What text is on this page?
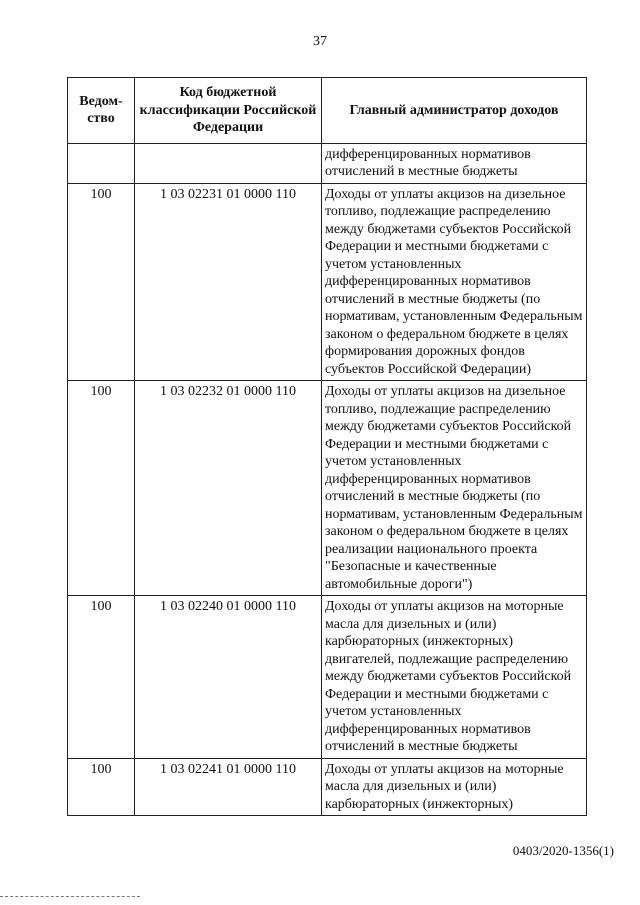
37
Ведом-ство	Код бюджетной классификации Российской Федерации	Главный администратор доходов
		дифференцированных нормативов отчислений в местные бюджеты
100	1 03 02231 01 0000 110	Доходы от уплаты акцизов на дизельное топливо, подлежащие распределению между бюджетами субъектов Российской Федерации и местными бюджетами с учетом установленных дифференцированных нормативов отчислений в местные бюджеты (по нормативам, установленным Федеральным законом о федеральном бюджете в целях формирования дорожных фондов субъектов Российской Федерации)
100	1 03 02232 01 0000 110	Доходы от уплаты акцизов на дизельное топливо, подлежащие распределению между бюджетами субъектов Российской Федерации и местными бюджетами с учетом установленных дифференцированных нормативов отчислений в местные бюджеты (по нормативам, установленным Федеральным законом о федеральном бюджете в целях реализации национального проекта "Безопасные и качественные автомобильные дороги")
100	1 03 02240 01 0000 110	Доходы от уплаты акцизов на моторные масла для дизельных и (или) карбюраторных (инжекторных) двигателей, подлежащие распределению между бюджетами субъектов Российской Федерации и местными бюджетами с учетом установленных дифференцированных нормативов отчислений в местные бюджеты
100	1 03 02241 01 0000 110	Доходы от уплаты акцизов на моторные масла для дизельных и (или) карбюраторных (инжекторных)
0403/2020-1356(1)
